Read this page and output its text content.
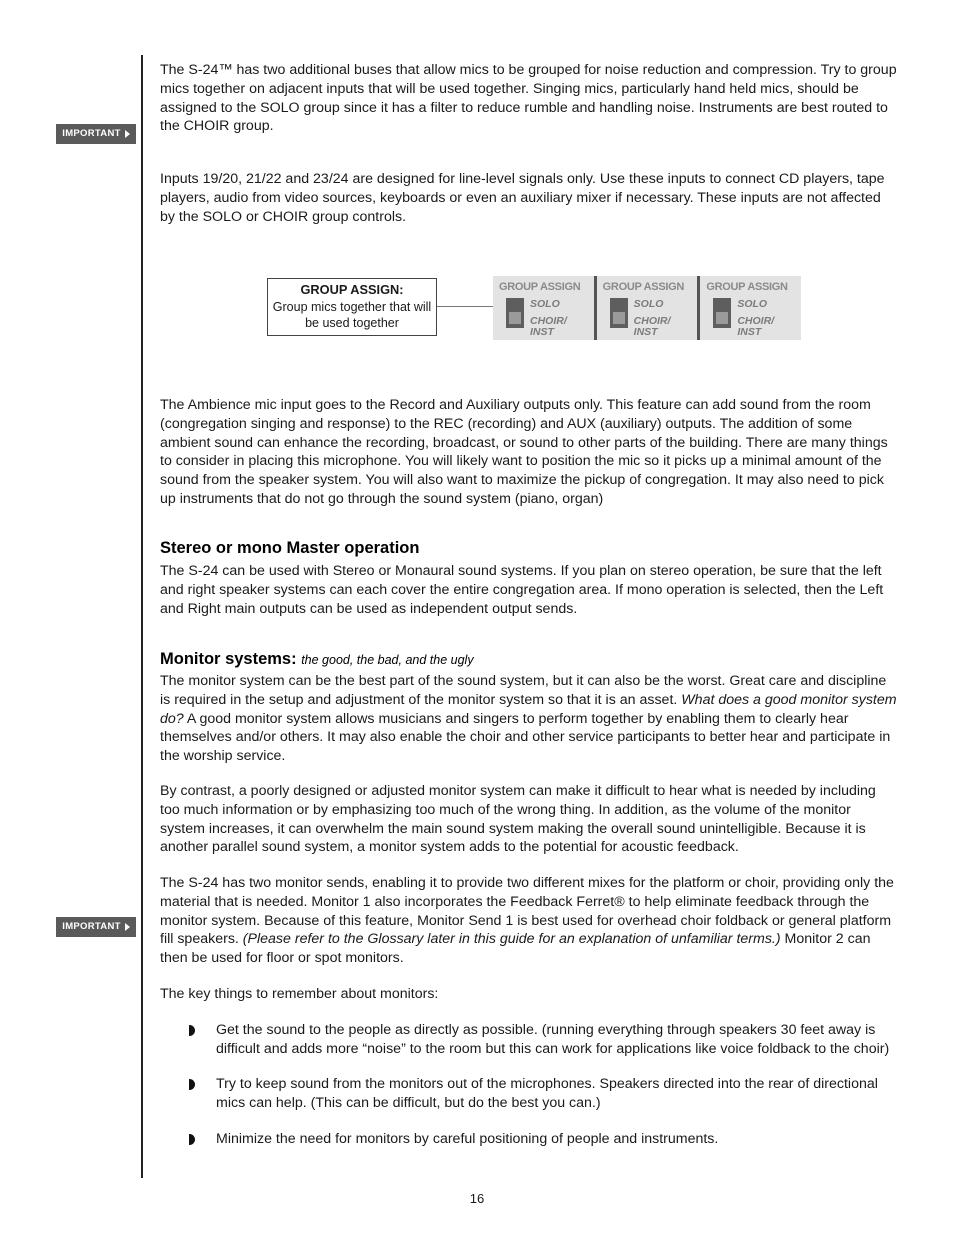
IMPORTANT
IMPORTANT

The S-24™ has two additional buses that allow mics to be grouped for noise reduction and compression. Try to group mics together on adjacent inputs that will be used together. Singing mics, particularly hand held mics, should be assigned to the SOLO group since it has a filter to reduce rumble and handling noise. Instruments are best routed to the CHOIR group.

Inputs 19/20, 21/22 and 23/24 are designed for line-level signals only. Use these inputs to connect CD players, tape players, audio from video sources, keyboards or even an auxiliary mixer if necessary. These inputs are not affected by the SOLO or CHOIR group controls.

GROUP ASSIGN:
Group mics together that will be used together
GROUP ASSIGN
SOLO
CHOIR/
INST
GROUP ASSIGN
SOLO
CHOIR/
INST
GROUP ASSIGN
SOLO
CHOIR/
INST

The Ambience mic input goes to the Record and Auxiliary outputs only. This feature can add sound from the room (congregation singing and response) to the REC (recording) and AUX (auxiliary) outputs. The addition of some ambient sound can enhance the recording, broadcast, or sound to other parts of the building. There are many things to consider in placing this microphone. You will likely want to position the mic so it picks up a minimal amount of the sound from the speaker system. You will also want to maximize the pickup of congregation. It may also need to pick up instruments that do not go through the sound system (piano, organ)

Stereo or mono Master operation

The S-24 can be used with Stereo or Monaural sound systems. If you plan on stereo operation, be sure that the left and right speaker systems can each cover the entire congregation area. If mono operation is selected, then the Left and Right main outputs can be used as independent output sends.

Monitor systems: the good, the bad, and the ugly

The monitor system can be the best part of the sound system, but it can also be the worst. Great care and discipline is required in the setup and adjustment of the monitor system so that it is an asset. What does a good monitor system do? A good monitor system allows musicians and singers to perform together by enabling them to clearly hear themselves and/or others. It may also enable the choir and other service participants to better hear and participate in the worship service.

By contrast, a poorly designed or adjusted monitor system can make it difficult to hear what is needed by including too much information or by emphasizing too much of the wrong thing. In addition, as the volume of the monitor system increases, it can overwhelm the main sound system making the overall sound unintelligible. Because it is another parallel sound system, a monitor system adds to the potential for acoustic feedback.

The S-24 has two monitor sends, enabling it to provide two different mixes for the platform or choir, providing only the material that is needed. Monitor 1 also incorporates the Feedback Ferret® to help eliminate feedback through the monitor system. Because of this feature, Monitor Send 1 is best used for overhead choir foldback or general platform fill speakers. (Please refer to the Glossary later in this guide for an explanation of unfamiliar terms.) Monitor 2 can then be used for floor or spot monitors.

The key things to remember about monitors:

Get the sound to the people as directly as possible. (running everything through speakers 30 feet away is difficult and adds more “noise” to the room but this can work for applications like voice foldback to the choir)
Try to keep sound from the monitors out of the microphones. Speakers directed into the rear of directional mics can help. (This can be difficult, but do the best you can.)
Minimize the need for monitors by careful positioning of people and instruments.
16
